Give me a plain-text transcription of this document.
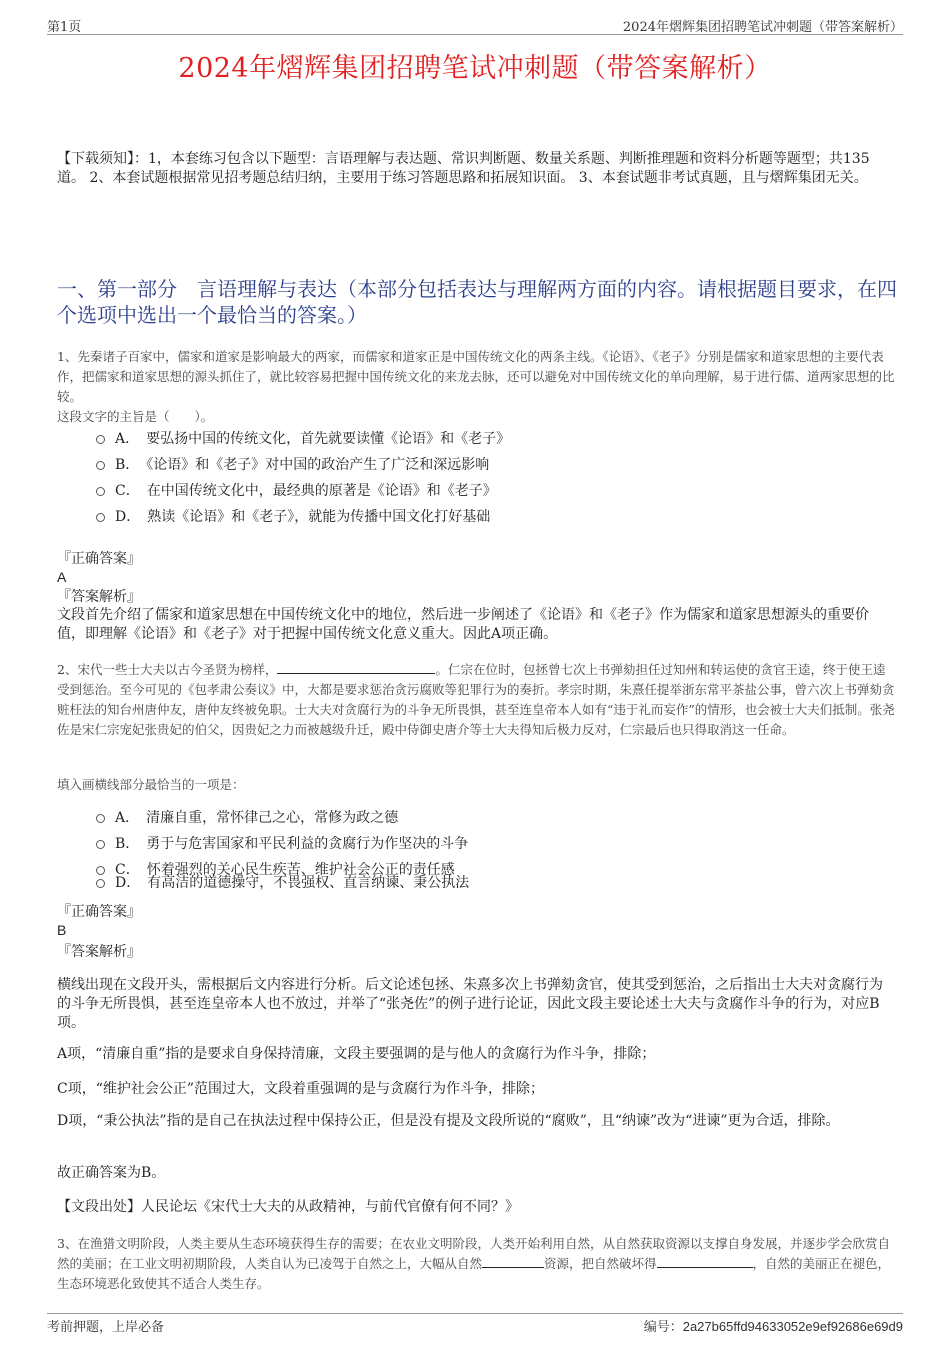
第1页	2024年熠辉集团招聘笔试冲刺题（带答案解析）
2024年熠辉集团招聘笔试冲刺题（带答案解析）
【下载须知】：1，本套练习包含以下题型：言语理解与表达题、常识判断题、数量关系题、判断推理题和资料分析题等题型；共135道。 2、本套试题根据常见招考题总结归纳，主要用于练习答题思路和拓展知识面。 3、本套试题非考试真题，且与熠辉集团无关。
一、第一部分　言语理解与表达（本部分包括表达与理解两方面的内容。请根据题目要求，在四个选项中选出一个最恰当的答案。）
1、先秦诸子百家中，儒家和道家是影响最大的两家，而儒家和道家正是中国传统文化的两条主线。《论语》、《老子》分别是儒家和道家思想的主要代表作，把儒家和道家思想的源头抓住了，就比较容易把握中国传统文化的来龙去脉，还可以避免对中国传统文化的单向理解，易于进行儒、道两家思想的比较。
这段文字的主旨是（　　）。
A．　 要弘扬中国的传统文化，首先就要读懂《论语》和《老子》
B．　 《论语》和《老子》对中国的政治产生了广泛和深远影响
C．　 在中国传统文化中，最经典的原著是《论语》和《老子》
D．　 熟读《论语》和《老子》，就能为传播中国文化打好基础
『正确答案』
A
『答案解析』
文段首先介绍了儒家和道家思想在中国传统文化中的地位，然后进一步阐述了《论语》和《老子》作为儒家和道家思想源头的重要价值，即理解《论语》和《老子》对于把握中国传统文化意义重大。因此A项正确。
2、宋代一些士大夫以古今圣贤为榜样，	。仁宗在位时，包拯曾七次上书弹劾担任过知州和转运使的贪官王逵，终于使王逵受到惩治。至今可见的《包孝肃公奏议》中，大都是要求惩治贪污腐败等犯罪行为的奏折。孝宗时期，朱熹任提举浙东常平茶盐公事，曾六次上书弹劾贪赃枉法的知台州唐仲友，唐仲友终被免职。士大夫对贪腐行为的斗争无所畏惧，甚至连皇帝本人如有“违于礼而妄作”的情形，也会被士大夫们抵制。张尧佐是宋仁宗宠妃张贵妃的伯父，因贵妃之力而被越级升迁，殿中侍御史唐介等士大夫得知后极力反对，仁宗最后也只得取消这一任命。
填入画横线部分最恰当的一项是：
A．　 清廉自重，常怀律己之心，常修为政之德
B．　 勇于与危害国家和平民利益的贪腐行为作坚决的斗争
C．　 怀着强烈的关心民生疾苦、维护社会公正的责任感
D．　 有高洁的道德操守，不畏强权、直言纳谏、秉公执法
『正确答案』
B
『答案解析』
横线出现在文段开头，需根据后文内容进行分析。后文论述包拯、朱熹多次上书弹劾贪官，使其受到惩治，之后指出士大夫对贪腐行为的斗争无所畏惧，甚至连皇帝本人也不放过，并举了“张尧佐”的例子进行论证，因此文段主要论述士大夫与贪腐作斗争的行为，对应B项。
A项，“清廉自重”指的是要求自身保持清廉，文段主要强调的是与他人的贪腐行为作斗争，排除；
C项，“维护社会公正”范围过大，文段着重强调的是与贪腐行为作斗争，排除；
D项，“秉公执法”指的是自己在执法过程中保持公正，但是没有提及文段所说的“腐败”，且“纳谏”改为“进谏”更为合适，排除。
故正确答案为B。
【文段出处】人民论坛《宋代士大夫的从政精神，与前代官僚有何不同？》
3、在渔猎文明阶段，人类主要从生态环境获得生存的需要；在农业文明阶段，人类开始利用自然，从自然获取资源以支撑自身发展，并逐步学会欣赏自然的美丽；在工业文明初期阶段，人类自认为已凌驾于自然之上，大幅从自然	资源，把自然破坏得	，自然的美丽正在褪色，生态环境恶化致使其不适合人类生存。
考前押题，上岸必备	编号：2a27b65ffd94633052e9ef92686e69d9
